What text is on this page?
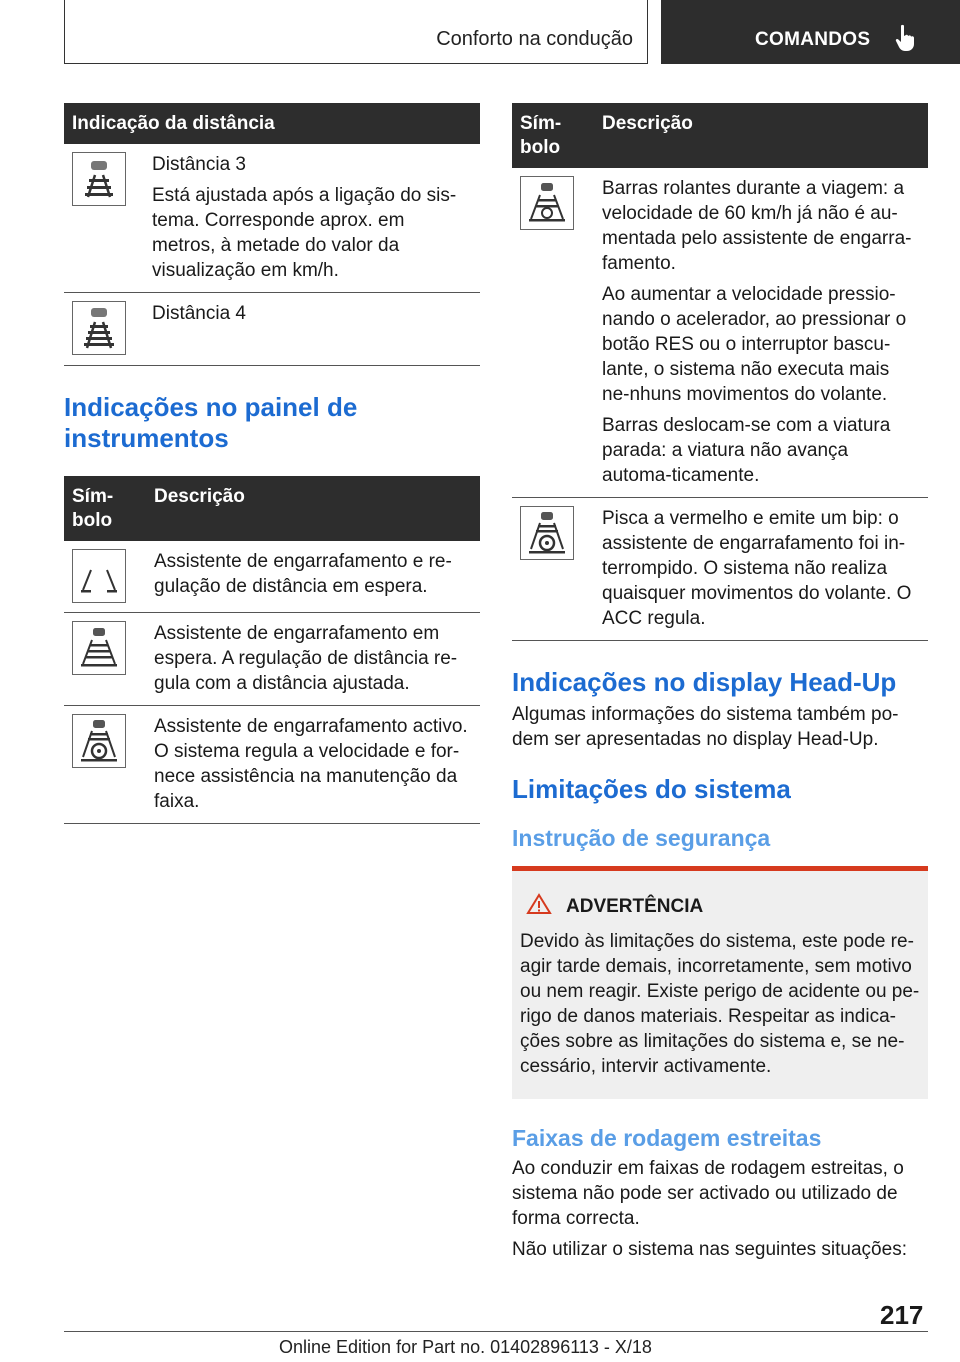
Conforto na condução	COMANDOS
Indicação da distância	

Distância 3

Está ajustada após a ligação do sis-tema. Corresponde aprox. em metros, à metade do valor da visualização em km/h.

Distância 4

Indicações no painel de instrumentos
Sím-bolo	Descrição

	Assistente de engarrafamento e re-gulação de distância em espera.

	Assistente de engarrafamento em espera. A regulação de distância re-gula com a distância ajustada.

	Assistente de engarrafamento activo. O sistema regula a velocidade e for-nece assistência na manutenção da faixa.
Sím-bolo	Descrição

Barras rolantes durante a viagem: a velocidade de 60 km/h já não é au-mentada pelo assistente de engarra-famento.

Ao aumentar a velocidade pressio-nando o acelerador, ao pressionar o botão RES ou o interruptor bascu-lante, o sistema não executa mais ne-nhuns movimentos do volante.

Barras deslocam-se com a viatura parada: a viatura não avança automa-ticamente.

	Pisca a vermelho e emite um bip: o assistente de engarrafamento foi in-terrompido. O sistema não realiza quaisquer movimentos do volante. O ACC regula.
Indicações no display Head-Up

Algumas informações do sistema também po-dem ser apresentadas no display Head-Up.

Limitações do sistema
Instrução de segurança
ADVERTÊNCIA

Devido às limitações do sistema, este pode re-agir tarde demais, incorretamente, sem motivo ou nem reagir. Existe perigo de acidente ou pe-rigo de danos materiais. Respeitar as indica-ções sobre as limitações do sistema e, se ne-cessário, intervir activamente.

Faixas de rodagem estreitas

Ao conduzir em faixas de rodagem estreitas, o sistema não pode ser activado ou utilizado de forma correcta.

Não utilizar o sistema nas seguintes situações:

217
Online Edition for Part no. 01402896113 - X/18
